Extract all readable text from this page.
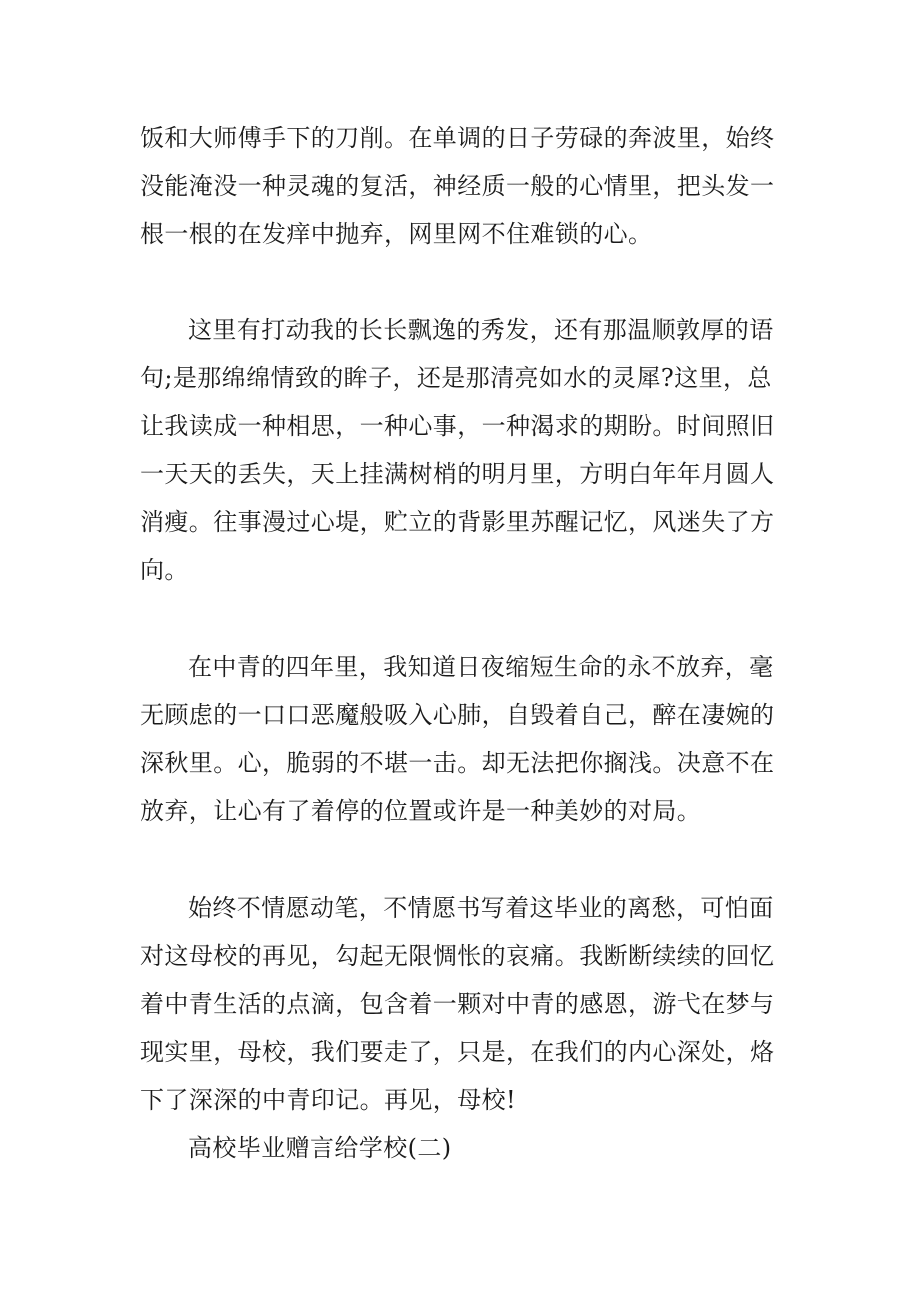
饭和大师傅手下的刀削。在单调的日子劳碌的奔波里，始终
没能淹没一种灵魂的复活，神经质一般的心情里，把头发一
根一根的在发痒中抛弃，网里网不住难锁的心。
这里有打动我的长长飘逸的秀发，还有那温顺敦厚的语
句;是那绵绵情致的眸子，还是那清亮如水的灵犀?这里，总
让我读成一种相思，一种心事，一种渴求的期盼。时间照旧
一天天的丢失，天上挂满树梢的明月里，方明白年年月圆人
消瘦。往事漫过心堤，贮立的背影里苏醒记忆，风迷失了方
向。
在中青的四年里，我知道日夜缩短生命的永不放弃，毫
无顾虑的一口口恶魔般吸入心肺，自毁着自己，醉在凄婉的
深秋里。心，脆弱的不堪一击。却无法把你搁浅。决意不在
放弃，让心有了着停的位置或许是一种美妙的对局。
始终不情愿动笔，不情愿书写着这毕业的离愁，可怕面
对这母校的再见，勾起无限惆怅的哀痛。我断断续续的回忆
着中青生活的点滴，包含着一颗对中青的感恩，游弋在梦与
现实里，母校，我们要走了，只是，在我们的内心深处，烙
下了深深的中青印记。再见，母校!
高校毕业赠言给学校(二)
